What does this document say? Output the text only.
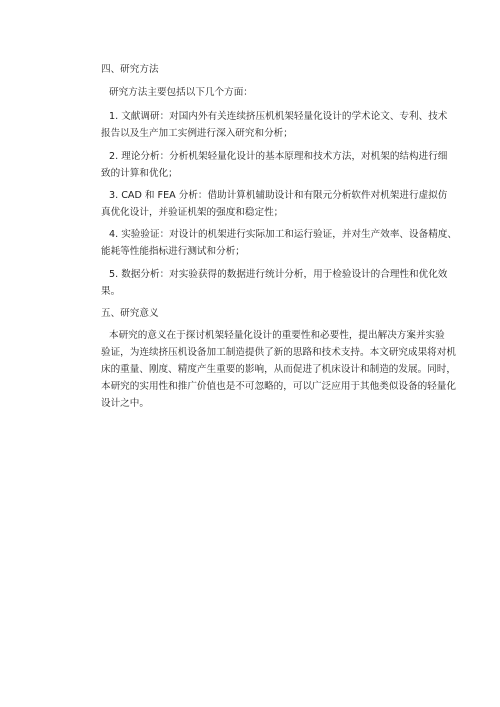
四、研究方法
研究方法主要包括以下几个方面：
1. 文献调研：对国内外有关连续挤压机机架轻量化设计的学术论文、专利、技术
报告以及生产加工实例进行深入研究和分析；
2. 理论分析：分析机架轻量化设计的基本原理和技术方法，对机架的结构进行细
致的计算和优化；
3. CAD 和 FEA 分析：借助计算机辅助设计和有限元分析软件对机架进行虚拟仿
真优化设计，并验证机架的强度和稳定性；
4. 实验验证：对设计的机架进行实际加工和运行验证，并对生产效率、设备精度、
能耗等性能指标进行测试和分析；
5. 数据分析：对实验获得的数据进行统计分析，用于检验设计的合理性和优化效
果。
五、研究意义
本研究的意义在于探讨机架轻量化设计的重要性和必要性，提出解决方案并实验
验证，为连续挤压机设备加工制造提供了新的思路和技术支持。本文研究成果将对机
床的重量、刚度、精度产生重要的影响，从而促进了机床设计和制造的发展。同时，
本研究的实用性和推广价值也是不可忽略的，可以广泛应用于其他类似设备的轻量化
设计之中。
